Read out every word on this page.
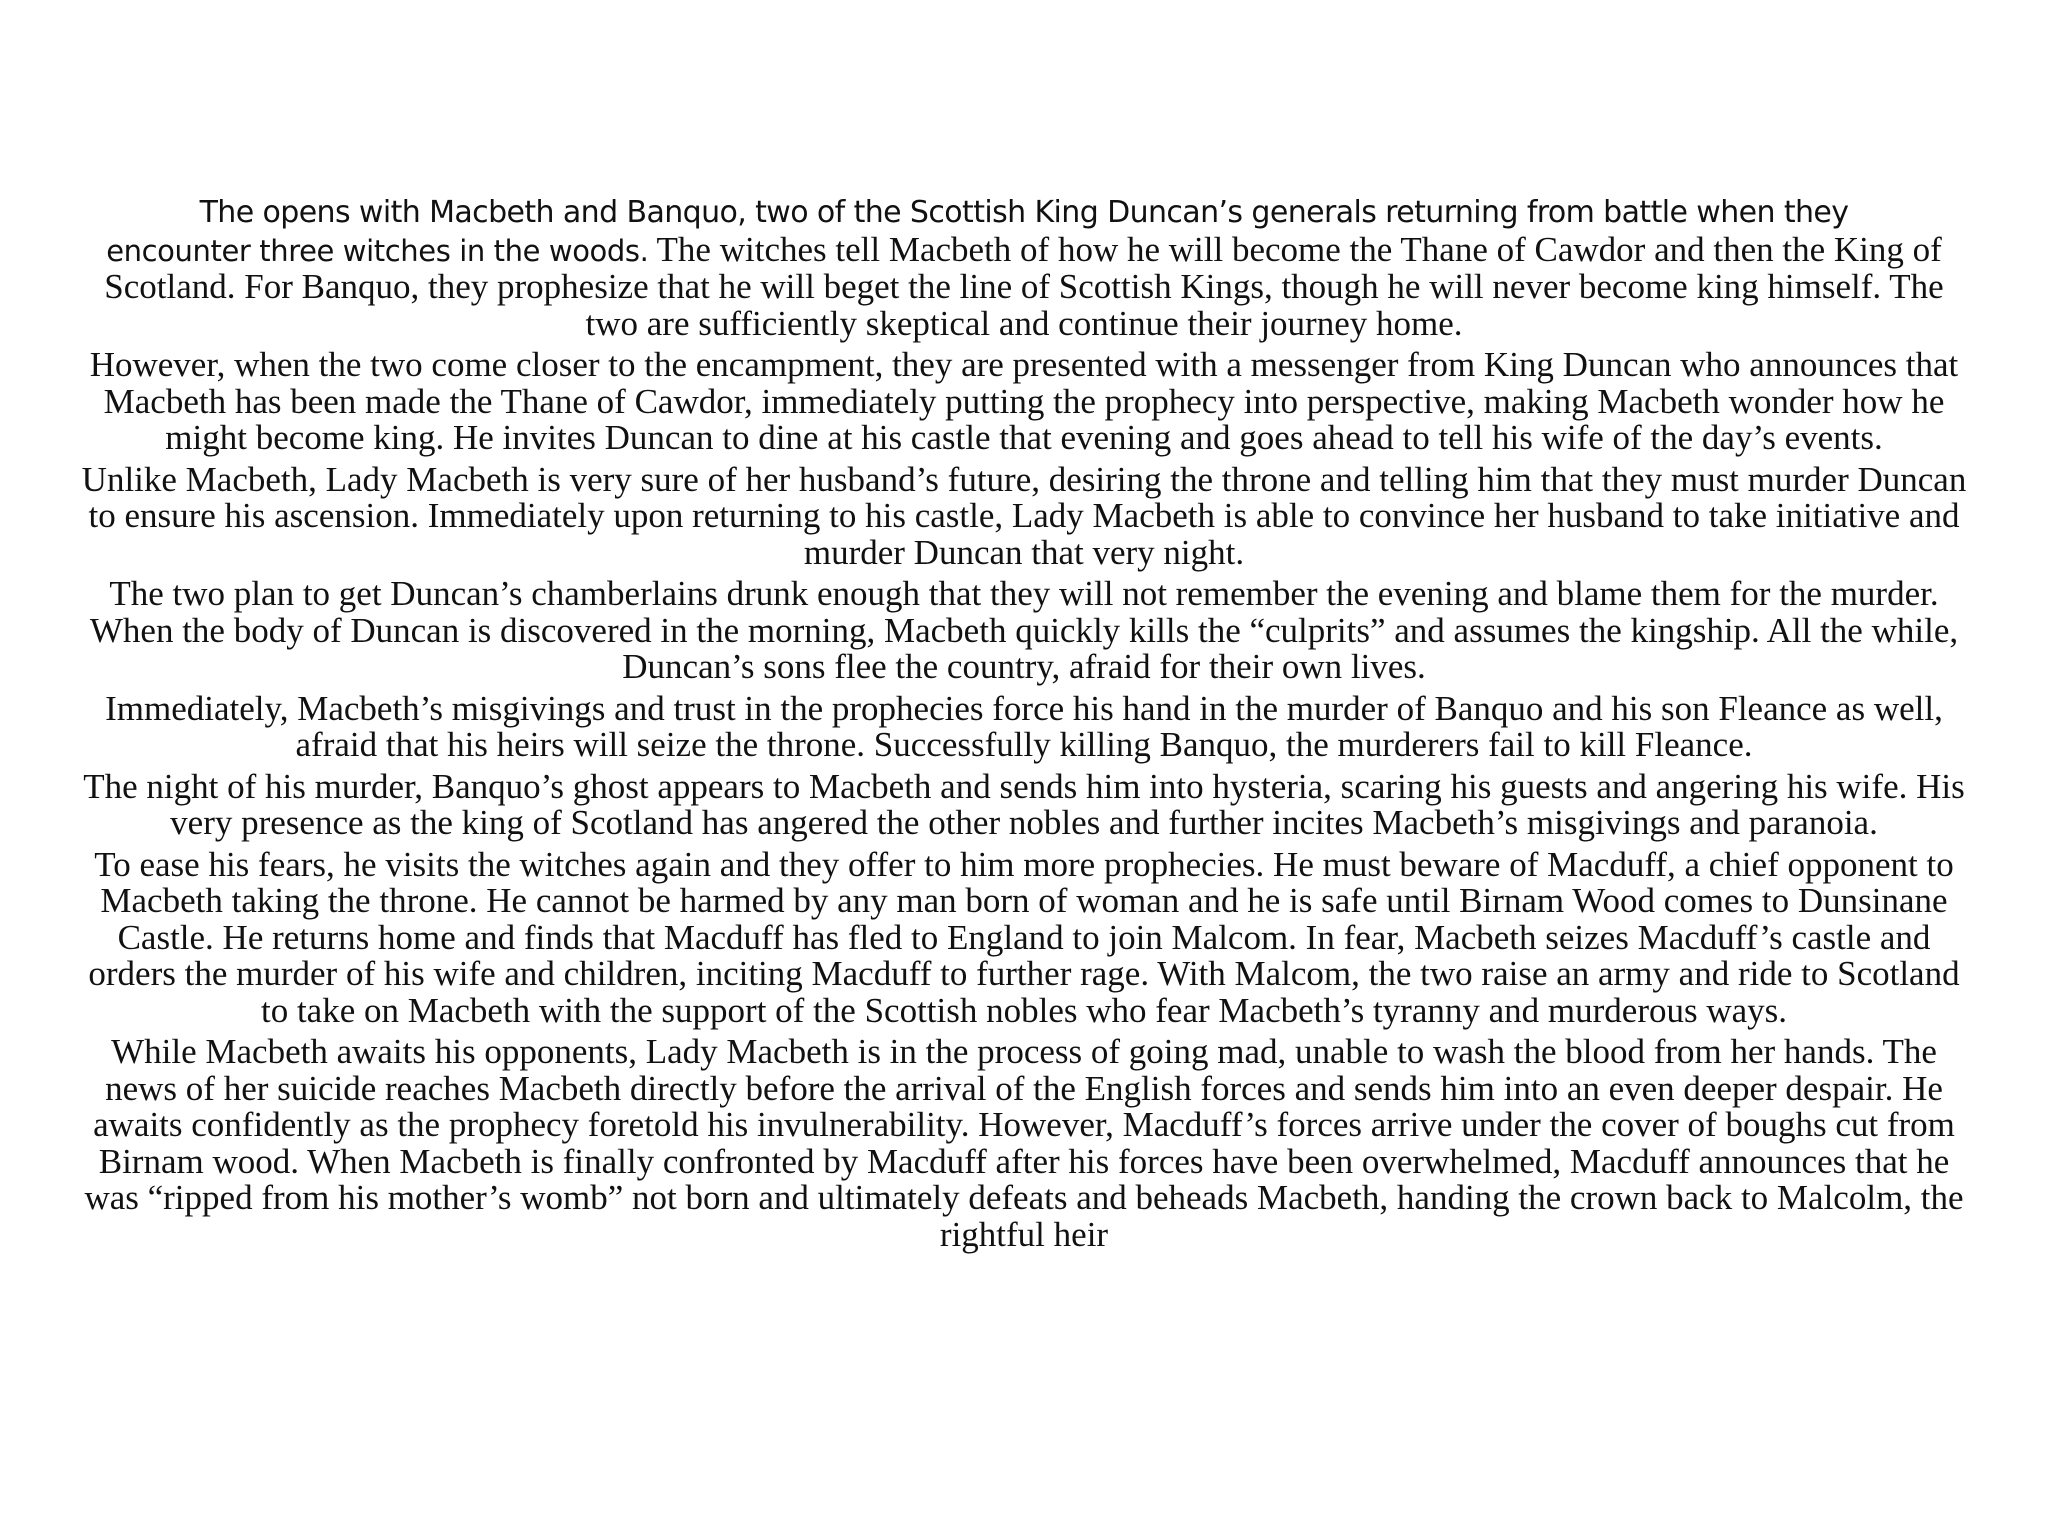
The opens with Macbeth and Banquo, two of the Scottish King Duncan’s generals returning from battle when they
encounter three witches in the woods. The witches tell Macbeth of how he will become the Thane of Cawdor and then the King of Scotland. For Banquo, they prophesize that he will beget the line of Scottish Kings, though he will never become king himself. The two are sufficiently skeptical and continue their journey home.

However, when the two come closer to the encampment, they are presented with a messenger from King Duncan who announces that Macbeth has been made the Thane of Cawdor, immediately putting the prophecy into perspective, making Macbeth wonder how he might become king. He invites Duncan to dine at his castle that evening and goes ahead to tell his wife of the day’s events.

Unlike Macbeth, Lady Macbeth is very sure of her husband’s future, desiring the throne and telling him that they must murder Duncan to ensure his ascension. Immediately upon returning to his castle, Lady Macbeth is able to convince her husband to take initiative and murder Duncan that very night.

The two plan to get Duncan’s chamberlains drunk enough that they will not remember the evening and blame them for the murder. When the body of Duncan is discovered in the morning, Macbeth quickly kills the “culprits” and assumes the kingship. All the while, Duncan’s sons flee the country, afraid for their own lives.

Immediately, Macbeth’s misgivings and trust in the prophecies force his hand in the murder of Banquo and his son Fleance as well, afraid that his heirs will seize the throne. Successfully killing Banquo, the murderers fail to kill Fleance.

The night of his murder, Banquo’s ghost appears to Macbeth and sends him into hysteria, scaring his guests and angering his wife. His very presence as the king of Scotland has angered the other nobles and further incites Macbeth’s misgivings and paranoia.

To ease his fears, he visits the witches again and they offer to him more prophecies. He must beware of Macduff, a chief opponent to Macbeth taking the throne. He cannot be harmed by any man born of woman and he is safe until Birnam Wood comes to Dunsinane Castle. He returns home and finds that Macduff has fled to England to join Malcom. In fear, Macbeth seizes Macduff’s castle and orders the murder of his wife and children, inciting Macduff to further rage. With Malcom, the two raise an army and ride to Scotland to take on Macbeth with the support of the Scottish nobles who fear Macbeth’s tyranny and murderous ways.

While Macbeth awaits his opponents, Lady Macbeth is in the process of going mad, unable to wash the blood from her hands. The news of her suicide reaches Macbeth directly before the arrival of the English forces and sends him into an even deeper despair. He awaits confidently as the prophecy foretold his invulnerability. However, Macduff’s forces arrive under the cover of boughs cut from Birnam wood. When Macbeth is finally confronted by Macduff after his forces have been overwhelmed, Macduff announces that he was “ripped from his mother’s womb” not born and ultimately defeats and beheads Macbeth, handing the crown back to Malcolm, the rightful heir
